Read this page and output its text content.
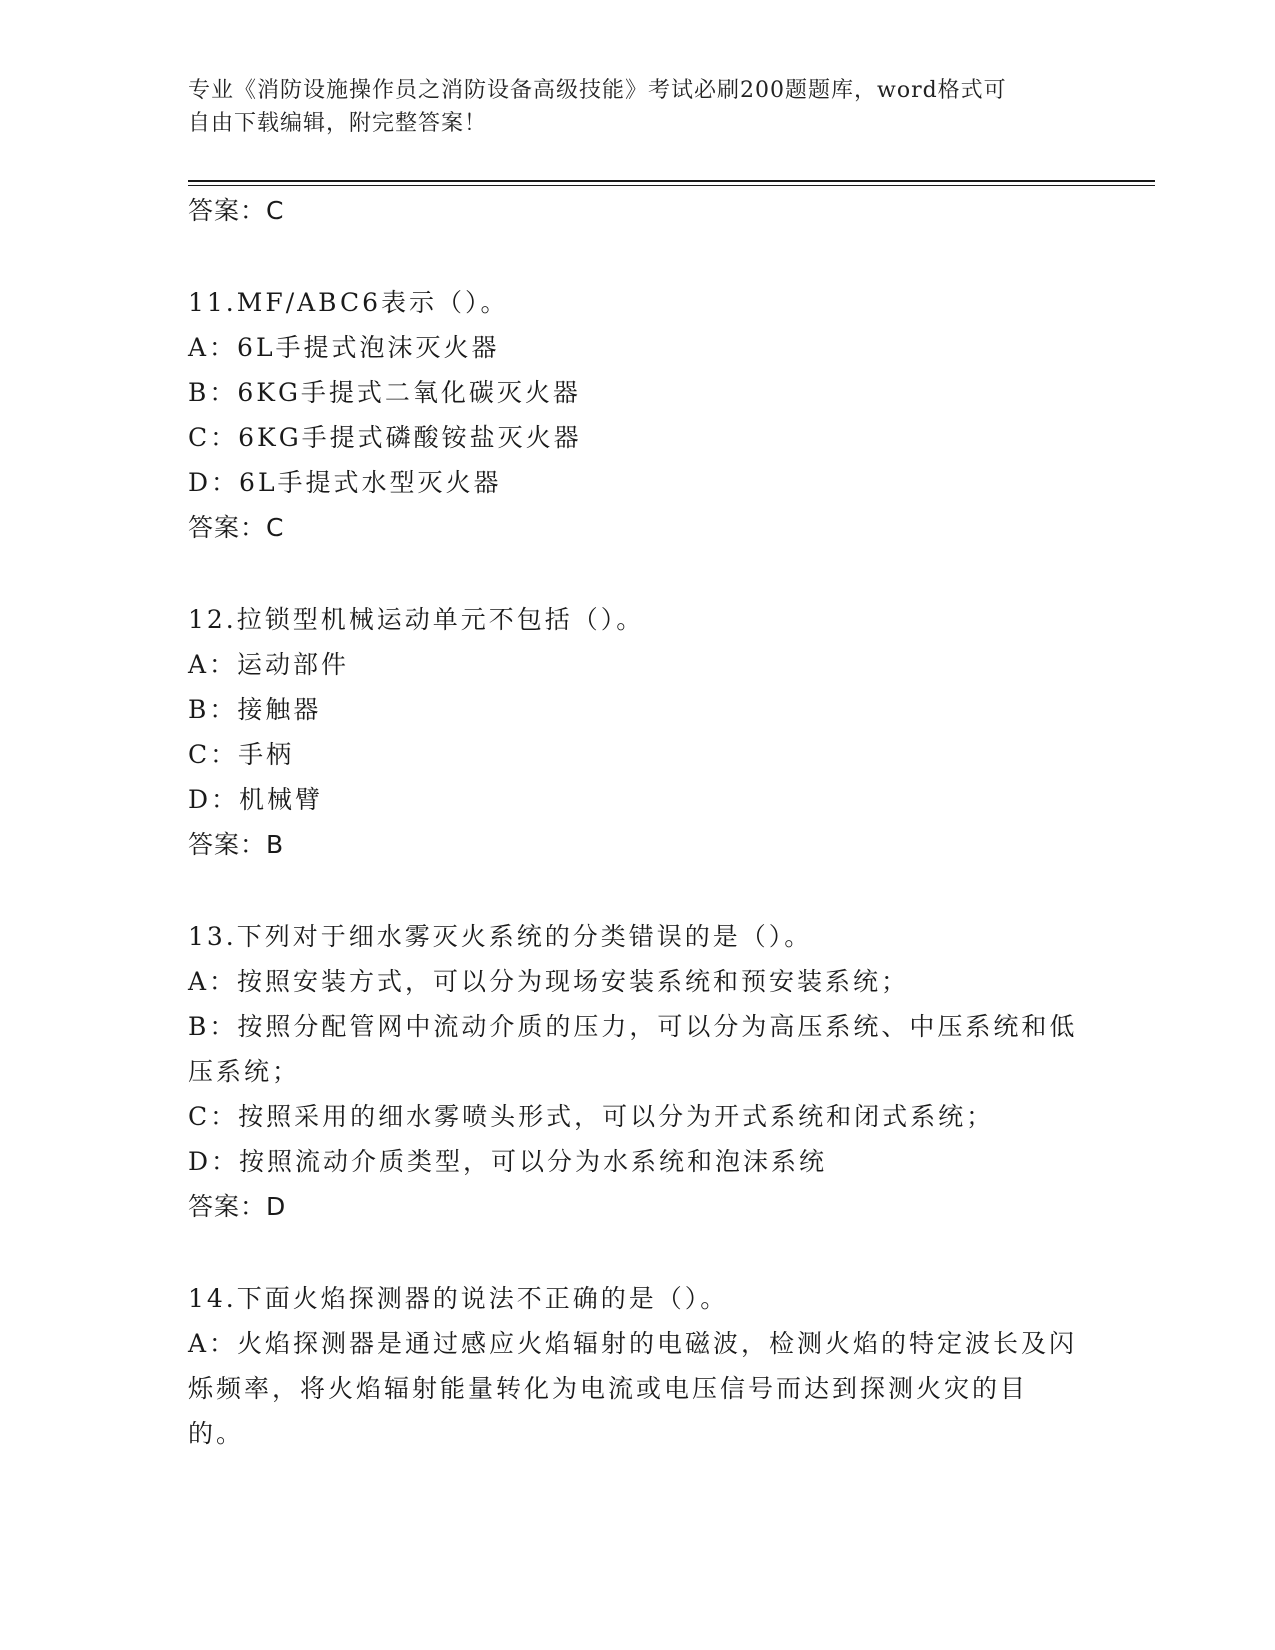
专业《消防设施操作员之消防设备高级技能》考试必刷200题题库，word格式可
自由下载编辑，附完整答案！
答案：C
11.MF/ABC6表示（）。
A：6L手提式泡沫灭火器
B：6KG手提式二氧化碳灭火器
C：6KG手提式磷酸铵盐灭火器
D：6L手提式水型灭火器
答案：C
12.拉锁型机械运动单元不包括（）。
A：运动部件
B：接触器
C：手柄
D：机械臂
答案：B
13.下列对于细水雾灭火系统的分类错误的是（）。
A：按照安装方式，可以分为现场安装系统和预安装系统；
B：按照分配管网中流动介质的压力，可以分为高压系统、中压系统和低压系统；
C：按照采用的细水雾喷头形式，可以分为开式系统和闭式系统；
D：按照流动介质类型，可以分为水系统和泡沫系统
答案：D
14.下面火焰探测器的说法不正确的是（）。
A：火焰探测器是通过感应火焰辐射的电磁波，检测火焰的特定波长及闪烁频率，将火焰辐射能量转化为电流或电压信号而达到探测火灾的目的。
